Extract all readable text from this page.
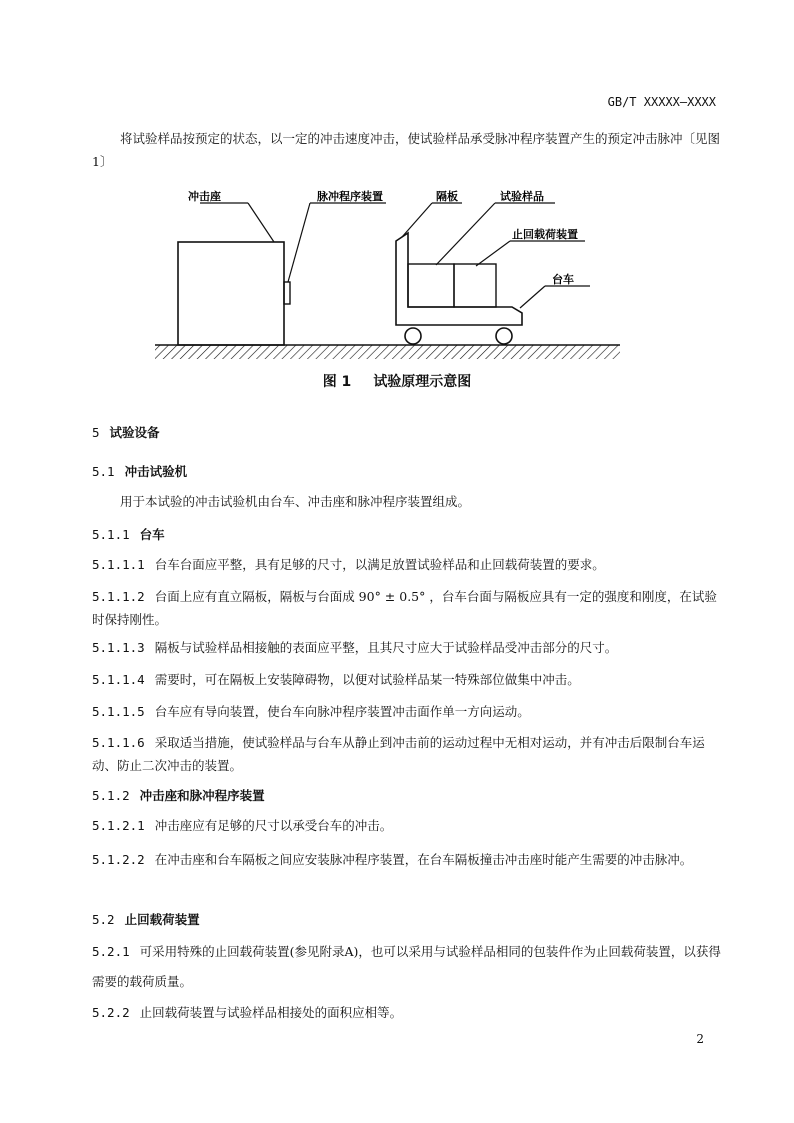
GB/T XXXXX—XXXX

将试验样品按预定的状态，以一定的冲击速度冲击，使试验样品承受脉冲程序装置产生的预定冲击脉冲〔见图1〕

冲击座	脉冲程序装置	隔板	试验样品
止回载荷装置
台车
图 1 试验原理示意图
5 试验设备
5.1 冲击试验机

用于本试验的冲击试验机由台车、冲击座和脉冲程序装置组成。

5.1.1 台车

5.1.1.1 台车台面应平整，具有足够的尺寸，以满足放置试验样品和止回载荷装置的要求。

5.1.1.2 台面上应有直立隔板，隔板与台面成 90° ± 0.5° ，台车台面与隔板应具有一定的强度和刚度，在试验时保持刚性。

5.1.1.3 隔板与试验样品相接触的表面应平整，且其尺寸应大于试验样品受冲击部分的尺寸。

5.1.1.4 需要时，可在隔板上安装障碍物，以便对试验样品某一特殊部位做集中冲击。

5.1.1.5 台车应有导向装置，使台车向脉冲程序装置冲击面作单一方向运动。

5.1.1.6 采取适当措施，使试验样品与台车从静止到冲击前的运动过程中无相对运动，并有冲击后限制台车运动、防止二次冲击的装置。

5.1.2 冲击座和脉冲程序装置

5.1.2.1 冲击座应有足够的尺寸以承受台车的冲击。

5.1.2.2 在冲击座和台车隔板之间应安装脉冲程序装置，在台车隔板撞击冲击座时能产生需要的冲击脉冲。

5.2 止回载荷装置

5.2.1 可采用特殊的止回载荷装置(参见附录A)，也可以采用与试验样品相同的包装件作为止回载荷装置，以获得需要的载荷质量。

5.2.2 止回载荷装置与试验样品相接处的面积应相等。

2
